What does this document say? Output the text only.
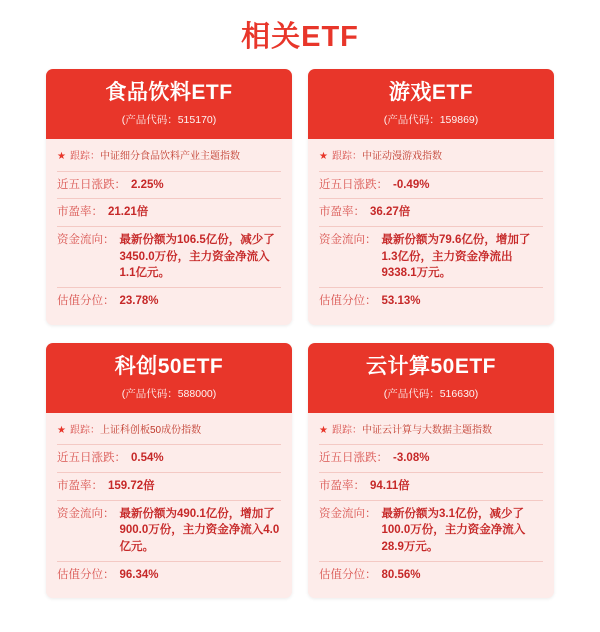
相关ETF
食品饮料ETF
(产品代码：515170)
★ 跟踪： 中证细分食品饮料产业主题指数
近五日涨跌： 2.25%
市盈率： 21.21倍
资金流向： 最新份额为106.5亿份，减少了3450.0万份，主力资金净流入1.1亿元。
估值分位： 23.78%
游戏ETF
(产品代码：159869)
★ 跟踪： 中证动漫游戏指数
近五日涨跌： -0.49%
市盈率： 36.27倍
资金流向： 最新份额为79.6亿份，增加了1.3亿份，主力资金净流出9338.1万元。
估值分位： 53.13%
科创50ETF
(产品代码：588000)
★ 跟踪： 上证科创板50成份指数
近五日涨跌： 0.54%
市盈率： 159.72倍
资金流向： 最新份额为490.1亿份，增加了900.0万份，主力资金净流入4.0亿元。
估值分位： 96.34%
云计算50ETF
(产品代码：516630)
★ 跟踪： 中证云计算与大数据主题指数
近五日涨跌： -3.08%
市盈率： 94.11倍
资金流向： 最新份额为3.1亿份，减少了100.0万份，主力资金净流入28.9万元。
估值分位： 80.56%
